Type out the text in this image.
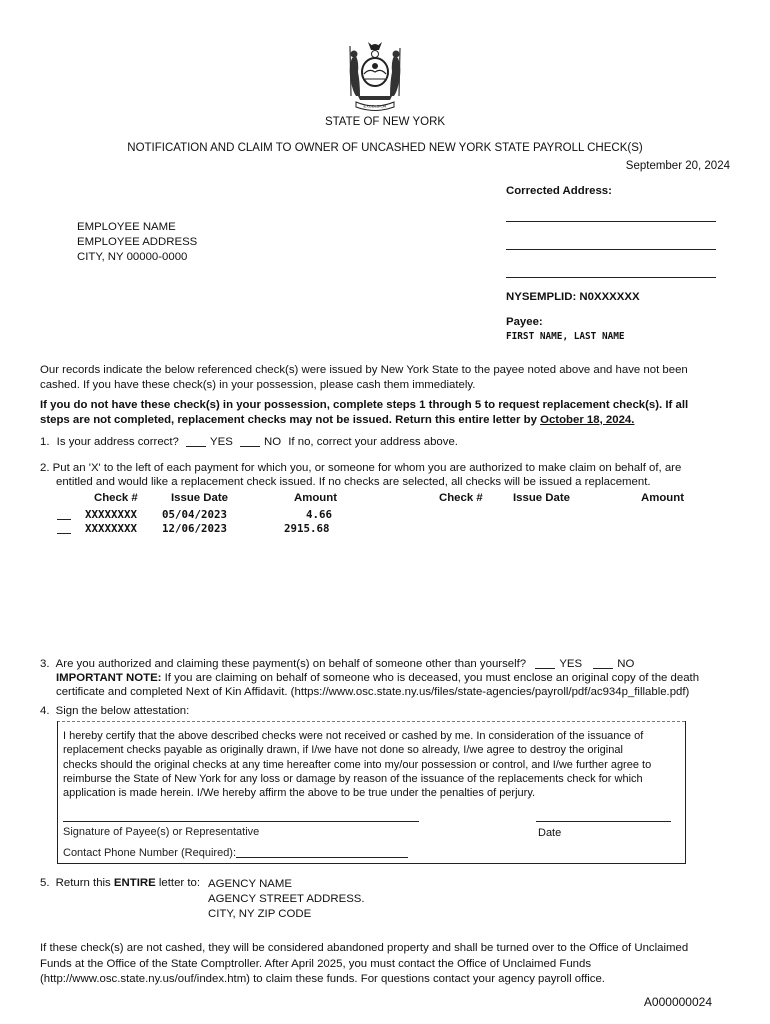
EXCELSIOR
STATE OF NEW YORK
NOTIFICATION AND CLAIM TO OWNER OF UNCASHED NEW YORK STATE PAYROLL CHECK(S)
September 20, 2024
Corrected Address:
EMPLOYEE NAME
EMPLOYEE ADDRESS
CITY, NY 00000-0000
NYSEMPLID: N0XXXXXX
Payee:
FIRST NAME, LAST NAME
Our records indicate the below referenced check(s) were issued by New York State to the payee noted above and have not been
cashed. If you have these check(s) in your possession, please cash them immediately.
If you do not have these check(s) in your possession, complete steps 1 through 5 to request replacement check(s). If all
steps are not completed, replacement checks may not be issued. Return this entire letter by October 18, 2024.
1. Is your address correct?	YES	NO If no, correct your address above.
2. Put an 'X' to the left of each payment for which you, or someone for whom you are authorized to make claim on behalf of, are
entitled and would like a replacement check issued. If no checks are selected, all checks will be issued a replacement.
Check #	Issue Date	Amount	Check #	Issue Date	Amount
XXXXXXXX 05/04/2023	4.66
XXXXXXXX 12/06/2023	2915.68
3. Are you authorized and claiming these payment(s) on behalf of someone other than yourself?	YES	NO
IMPORTANT NOTE: If you are claiming on behalf of someone who is deceased, you must enclose an original copy of the death
certificate and completed Next of Kin Affidavit. (https://www.osc.state.ny.us/files/state-agencies/payroll/pdf/ac934p_fillable.pdf)
4. Sign the below attestation:
I hereby certify that the above described checks were not received or cashed by me. In consideration of the issuance of
replacement checks payable as originally drawn, if I/we have not done so already, I/we agree to destroy the original
checks should the original checks at any time hereafter come into my/our possession or control, and I/we further agree to
reimburse the State of New York for any loss or damage by reason of the issuance of the replacements check for which
application is made herein. I/We hereby affirm the above to be true under the penalties of perjury.
Signature of Payee(s) or Representative	Date
Contact Phone Number (Required):
5. Return this ENTIRE letter to: AGENCY NAME
AGENCY STREET ADDRESS.
CITY, NY ZIP CODE
If these check(s) are not cashed, they will be considered abandoned property and shall be turned over to the Office of Unclaimed
Funds at the Office of the State Comptroller. After April 2025, you must contact the Office of Unclaimed Funds
(http://www.osc.state.ny.us/ouf/index.htm) to claim these funds. For questions contact your agency payroll office.
A000000024
